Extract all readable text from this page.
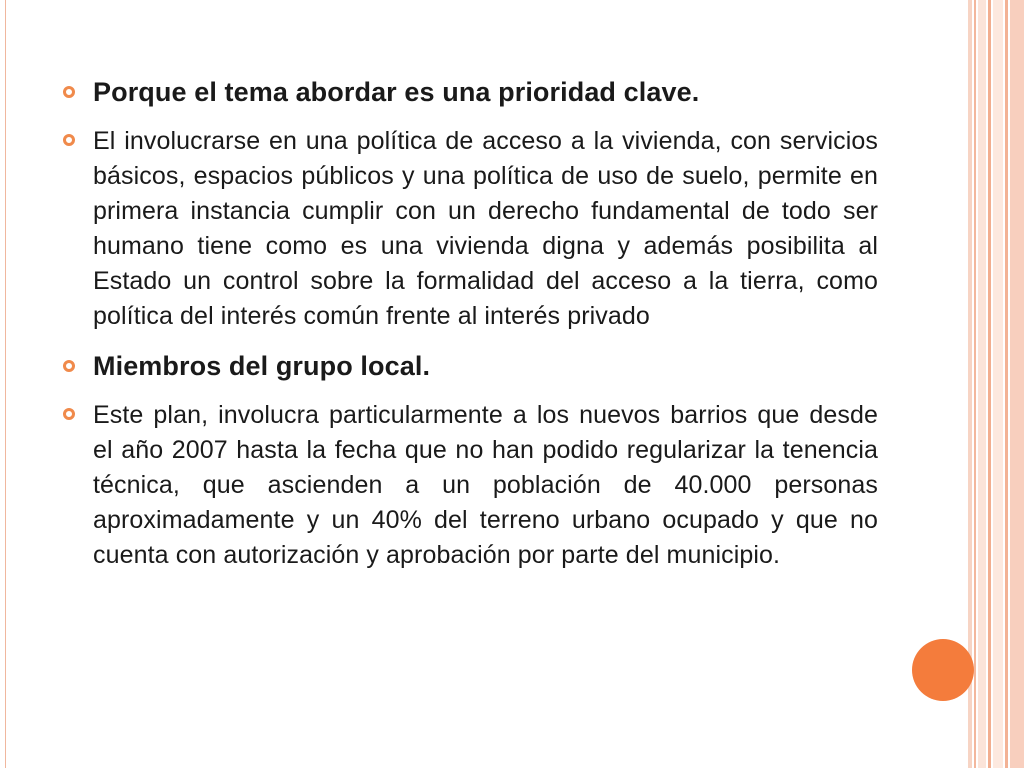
Porque el tema abordar es una prioridad clave.
El involucrarse en una política de acceso a la vivienda, con servicios básicos, espacios públicos y una política de uso de suelo, permite en primera instancia cumplir con un derecho fundamental de todo ser humano tiene como es una vivienda digna y además posibilita al Estado un control sobre la formalidad del acceso a la tierra, como política del interés común frente al interés privado
Miembros del grupo local.
Este plan, involucra particularmente a los nuevos barrios que desde el año 2007 hasta la fecha que no han podido regularizar la tenencia técnica, que ascienden a un población de 40.000 personas aproximadamente y un 40% del terreno urbano ocupado y que no cuenta con autorización y aprobación por parte del municipio.
